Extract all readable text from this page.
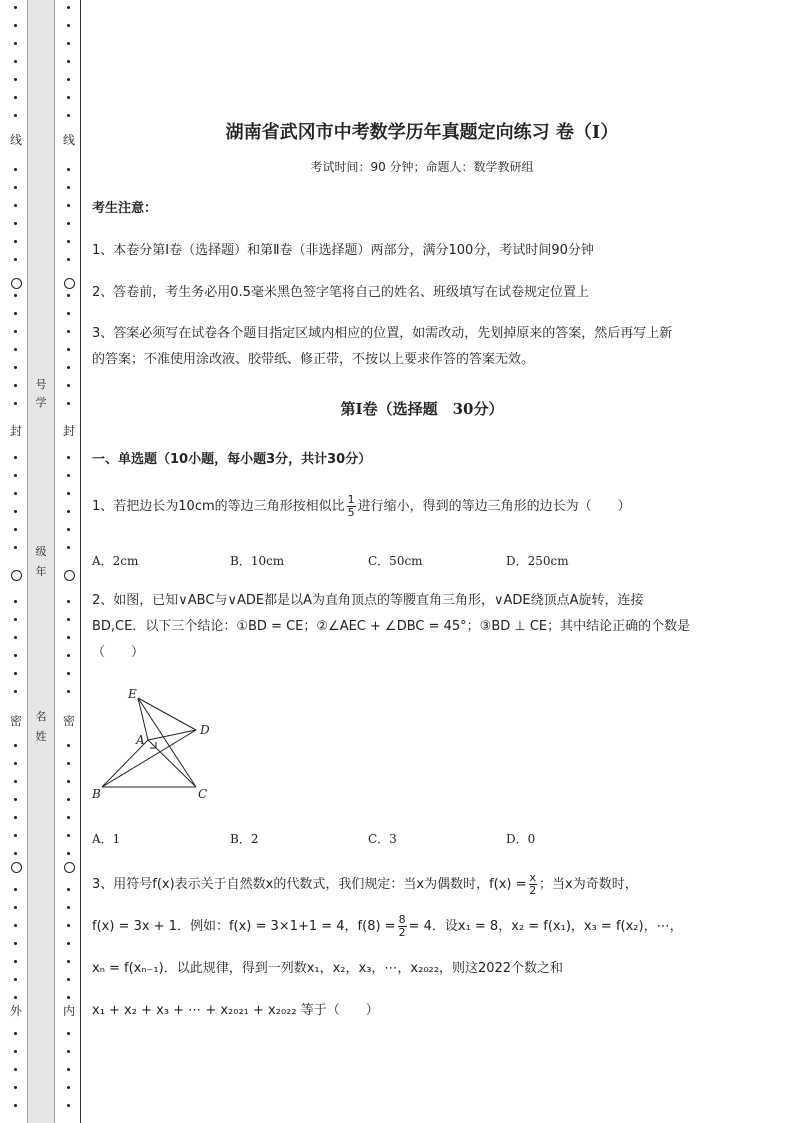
线
封
密
外
线
封
密
内
号
学
级
年
名
姓
湖南省武冈市中考数学历年真题定向练习 卷（Ⅰ）
考试时间：90 分钟；命题人：数学教研组
考生注意：
1、本卷分第Ⅰ卷（选择题）和第Ⅱ卷（非选择题）两部分，满分100分，考试时间90分钟
2、答卷前，考生务必用0.5毫米黑色签字笔将自己的姓名、班级填写在试卷规定位置上
3、答案必须写在试卷各个题目指定区域内相应的位置，如需改动，先划掉原来的答案，然后再写上新
的答案；不准使用涂改液、胶带纸、修正带，不按以上要求作答的答案无效。
第Ⅰ卷（选择题　30分）
一、单选题（10小题，每小题3分，共计30分）
1、若把边长为10cm的等边三角形按相似比 $\frac{1}{5}$ 进行缩小，得到的等边三角形的边长为（　　）
A．2cm	B．10cm	C．50cm	D．250cm
2、如图，已知∨ABC与∨ADE都是以A为直角顶点的等腰直角三角形，∨ADE绕顶点A旋转，连接
BD,CE．以下三个结论：①BD = CE；②∠AEC + ∠DBC = 45°；③BD ⊥ CE；其中结论正确的个数是
（　　）
A．1	B．2	C．3	D．0
3、用符号f(x)表示关于自然数x的代数式，我们规定：当x为偶数时，$f(x) = \frac{x}{2}$ ；当x为奇数时，
f(x) = 3x + 1．例如：f(x) = 3×1+1 = 4，$f(8) = \frac{8}{2} = 4$．设x₁ = 8，x₂ = f(x₁)，x₃ = f(x₂)，⋯，
xₙ = f(xₙ₋₁)．以此规律，得到一列数x₁，x₂，x₃，⋯，x₂₀₂₂，则这2022个数之和
x₁ + x₂ + x₃ + ⋯ + x₂₀₂₁ + x₂₀₂₂ 等于（　　）
E
A
D
B	C
